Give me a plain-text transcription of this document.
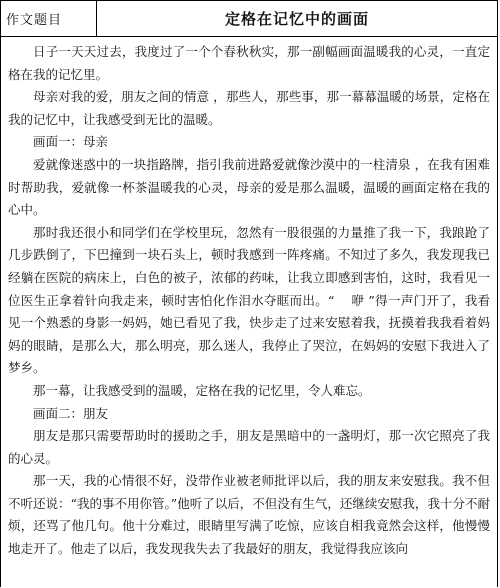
作文题目	定格在记忆中的画面

日子一天天过去，我度过了一个个春秋秋实，那一副幅画面温暖我的心灵，一直定格在我的记忆里。

母亲对我的爱，朋友之间的情意 ，那些人，那些事，那一幕幕温暖的场景，定格在我的记忆中，让我感受到无比的温暖。

画面一：母亲

爱就像迷惑中的一块指路牌，指引我前进路爱就像沙漠中的一柱清泉 ，在我有困难时帮助我，爱就像一杯茶温暖我的心灵，母亲的爱是那么温暖，温暖的画面定格在我的心中。

那时我还很小和同学们在学校里玩，忽然有一股很强的力量推了我一下，我踉跄了几步跌倒了，下巴撞到一块石头上，顿时我感到一阵疼痛。不知过了多久，我发现我已经躺在医院的病床上，白色的被子，浓郁的药味，让我立即感到害怕，这时，我看见一位医生正拿着针向我走来，顿时害怕化作泪水夺眶而出。“ 　咿 ”得一声门开了，我看见一个熟悉的身影一妈妈，她已看见了我，快步走了过来安慰着我，抚摸着我我看着妈妈的眼睛，是那么大，那么明亮，那么迷人，我停止了哭泣，在妈妈的安慰下我进入了梦乡。

那一幕，让我感受到的温暖，定格在我的记忆里，令人难忘。

画面二：朋友

朋友是那只需要帮助时的援助之手，朋友是黑暗中的一盏明灯，那一次它照亮了我的心灵。

那一天，我的心情很不好，没带作业被老师批评以后，我的朋友来安慰我。我不但不听还说：“我的事不用你管。”他听了以后，不但没有生气，还继续安慰我，我十分不耐烦，还骂了他几句。他十分难过，眼睛里写满了吃惊，应该自相我竟然会这样，他慢慢地走开了。他走了以后，我发现我失去了我最好的朋友，我觉得我应该向
